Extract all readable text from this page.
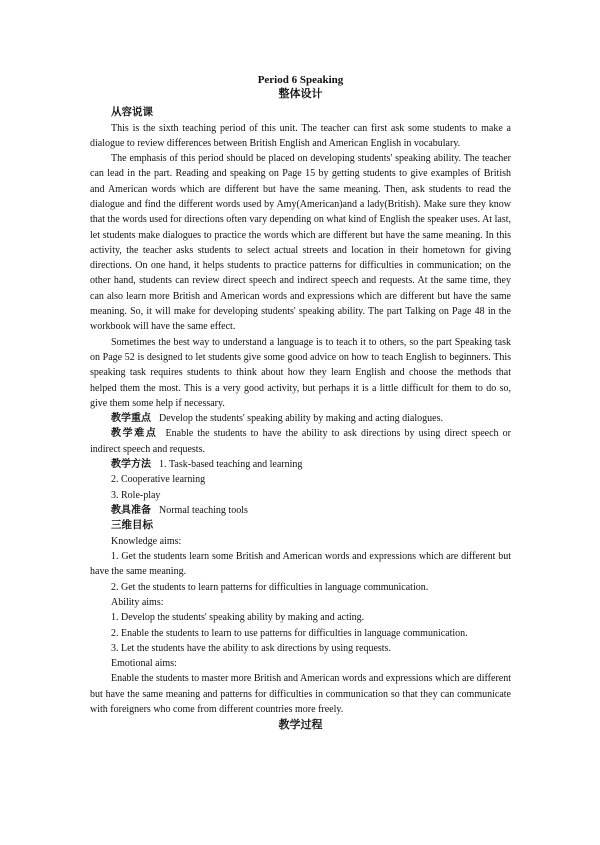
Period 6 Speaking
整体设计
从容说课

This is the sixth teaching period of this unit. The teacher can first ask some students to make a dialogue to review differences between British English and American English in vocabulary.

The emphasis of this period should be placed on developing students' speaking ability. The teacher can lead in the part. Reading and speaking on Page 15 by getting students to give examples of British and American words which are different but have the same meaning. Then, ask students to read the dialogue and find the different words used by Amy(American)and a lady(British). Make sure they know that the words used for directions often vary depending on what kind of English the speaker uses. At last, let students make dialogues to practice the words which are different but have the same meaning. In this activity, the teacher asks students to select actual streets and location in their hometown for giving directions. On one hand, it helps students to practice patterns for difficulties in communication; on the other hand, students can review direct speech and indirect speech and requests. At the same time, they can also learn more British and American words and expressions which are different but have the same meaning. So, it will make for developing students' speaking ability. The part Talking on Page 48 in the workbook will have the same effect.

Sometimes the best way to understand a language is to teach it to others, so the part Speaking task on Page 52 is designed to let students give some good advice on how to teach English to beginners. This speaking task requires students to think about how they learn English and choose the methods that helped them the most. This is a very good activity, but perhaps it is a little difficult for them to do so, give them some help if necessary.

教学重点 Develop the students' speaking ability by making and acting dialogues.

教学难点 Enable the students to have the ability to ask directions by using direct speech or indirect speech and requests.

教学方法 1. Task-based teaching and learning

2. Cooperative learning

3. Role-play

教具准备 Normal teaching tools

三维目标

Knowledge aims:

1. Get the students learn some British and American words and expressions which are different but have the same meaning.

2. Get the students to learn patterns for difficulties in language communication.

Ability aims:

1. Develop the students' speaking ability by making and acting.

2. Enable the students to learn to use patterns for difficulties in language communication.

3. Let the students have the ability to ask directions by using requests.

Emotional aims:

Enable the students to master more British and American words and expressions which are different but have the same meaning and patterns for difficulties in communication so that they can communicate with foreigners who come from different countries more freely.

教学过程
